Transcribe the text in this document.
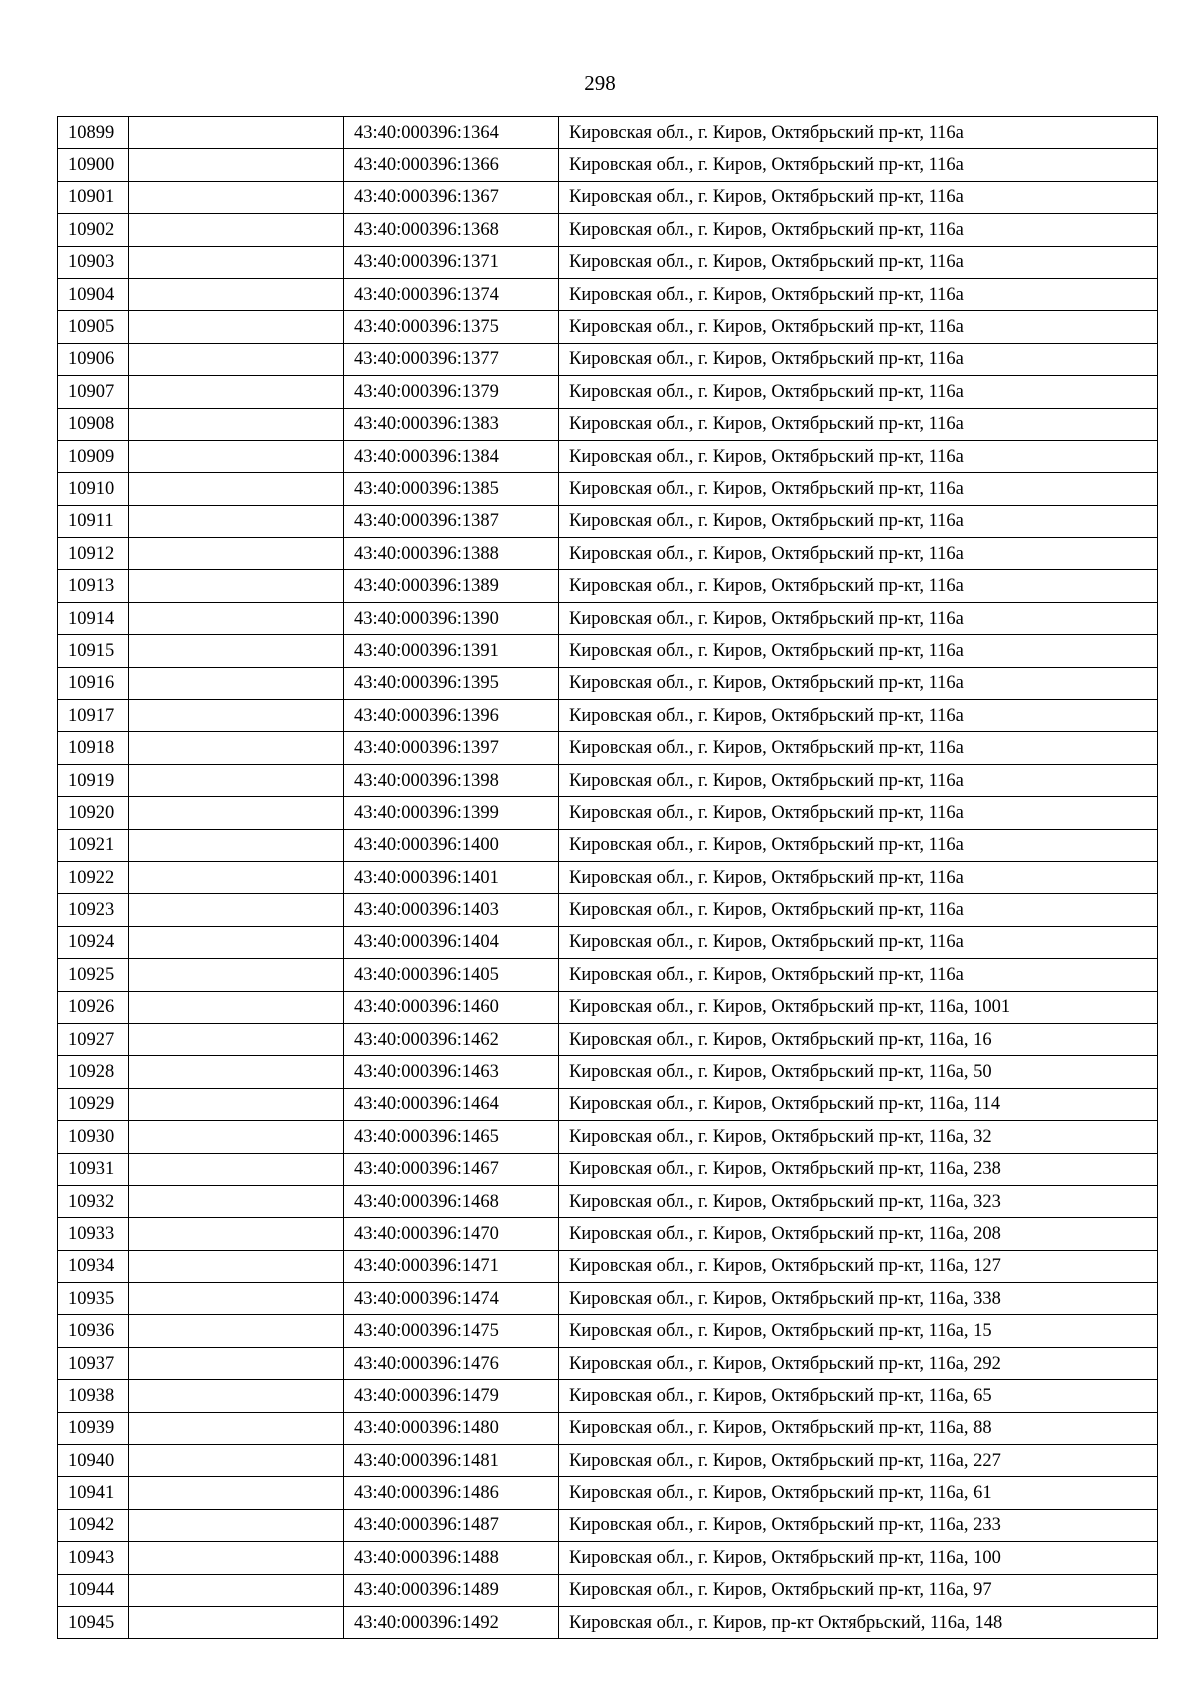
298
10899		43:40:000396:1364	Кировская обл., г. Киров, Октябрьский пр-кт, 116а
10900		43:40:000396:1366	Кировская обл., г. Киров, Октябрьский пр-кт, 116а
10901		43:40:000396:1367	Кировская обл., г. Киров, Октябрьский пр-кт, 116а
10902		43:40:000396:1368	Кировская обл., г. Киров, Октябрьский пр-кт, 116а
10903		43:40:000396:1371	Кировская обл., г. Киров, Октябрьский пр-кт, 116а
10904		43:40:000396:1374	Кировская обл., г. Киров, Октябрьский пр-кт, 116а
10905		43:40:000396:1375	Кировская обл., г. Киров, Октябрьский пр-кт, 116а
10906		43:40:000396:1377	Кировская обл., г. Киров, Октябрьский пр-кт, 116а
10907		43:40:000396:1379	Кировская обл., г. Киров, Октябрьский пр-кт, 116а
10908		43:40:000396:1383	Кировская обл., г. Киров, Октябрьский пр-кт, 116а
10909		43:40:000396:1384	Кировская обл., г. Киров, Октябрьский пр-кт, 116а
10910		43:40:000396:1385	Кировская обл., г. Киров, Октябрьский пр-кт, 116а
10911		43:40:000396:1387	Кировская обл., г. Киров, Октябрьский пр-кт, 116а
10912		43:40:000396:1388	Кировская обл., г. Киров, Октябрьский пр-кт, 116а
10913		43:40:000396:1389	Кировская обл., г. Киров, Октябрьский пр-кт, 116а
10914		43:40:000396:1390	Кировская обл., г. Киров, Октябрьский пр-кт, 116а
10915		43:40:000396:1391	Кировская обл., г. Киров, Октябрьский пр-кт, 116а
10916		43:40:000396:1395	Кировская обл., г. Киров, Октябрьский пр-кт, 116а
10917		43:40:000396:1396	Кировская обл., г. Киров, Октябрьский пр-кт, 116а
10918		43:40:000396:1397	Кировская обл., г. Киров, Октябрьский пр-кт, 116а
10919		43:40:000396:1398	Кировская обл., г. Киров, Октябрьский пр-кт, 116а
10920		43:40:000396:1399	Кировская обл., г. Киров, Октябрьский пр-кт, 116а
10921		43:40:000396:1400	Кировская обл., г. Киров, Октябрьский пр-кт, 116а
10922		43:40:000396:1401	Кировская обл., г. Киров, Октябрьский пр-кт, 116а
10923		43:40:000396:1403	Кировская обл., г. Киров, Октябрьский пр-кт, 116а
10924		43:40:000396:1404	Кировская обл., г. Киров, Октябрьский пр-кт, 116а
10925		43:40:000396:1405	Кировская обл., г. Киров, Октябрьский пр-кт, 116а
10926		43:40:000396:1460	Кировская обл., г. Киров, Октябрьский пр-кт, 116а, 1001
10927		43:40:000396:1462	Кировская обл., г. Киров, Октябрьский пр-кт, 116а, 16
10928		43:40:000396:1463	Кировская обл., г. Киров, Октябрьский пр-кт, 116а, 50
10929		43:40:000396:1464	Кировская обл., г. Киров, Октябрьский пр-кт, 116а, 114
10930		43:40:000396:1465	Кировская обл., г. Киров, Октябрьский пр-кт, 116а, 32
10931		43:40:000396:1467	Кировская обл., г. Киров, Октябрьский пр-кт, 116а, 238
10932		43:40:000396:1468	Кировская обл., г. Киров, Октябрьский пр-кт, 116а, 323
10933		43:40:000396:1470	Кировская обл., г. Киров, Октябрьский пр-кт, 116а, 208
10934		43:40:000396:1471	Кировская обл., г. Киров, Октябрьский пр-кт, 116а, 127
10935		43:40:000396:1474	Кировская обл., г. Киров, Октябрьский пр-кт, 116а, 338
10936		43:40:000396:1475	Кировская обл., г. Киров, Октябрьский пр-кт, 116а, 15
10937		43:40:000396:1476	Кировская обл., г. Киров, Октябрьский пр-кт, 116а, 292
10938		43:40:000396:1479	Кировская обл., г. Киров, Октябрьский пр-кт, 116а, 65
10939		43:40:000396:1480	Кировская обл., г. Киров, Октябрьский пр-кт, 116а, 88
10940		43:40:000396:1481	Кировская обл., г. Киров, Октябрьский пр-кт, 116а, 227
10941		43:40:000396:1486	Кировская обл., г. Киров, Октябрьский пр-кт, 116а, 61
10942		43:40:000396:1487	Кировская обл., г. Киров, Октябрьский пр-кт, 116а, 233
10943		43:40:000396:1488	Кировская обл., г. Киров, Октябрьский пр-кт, 116а, 100
10944		43:40:000396:1489	Кировская обл., г. Киров, Октябрьский пр-кт, 116а, 97
10945		43:40:000396:1492	Кировская обл., г. Киров, пр-кт Октябрьский, 116а, 148
